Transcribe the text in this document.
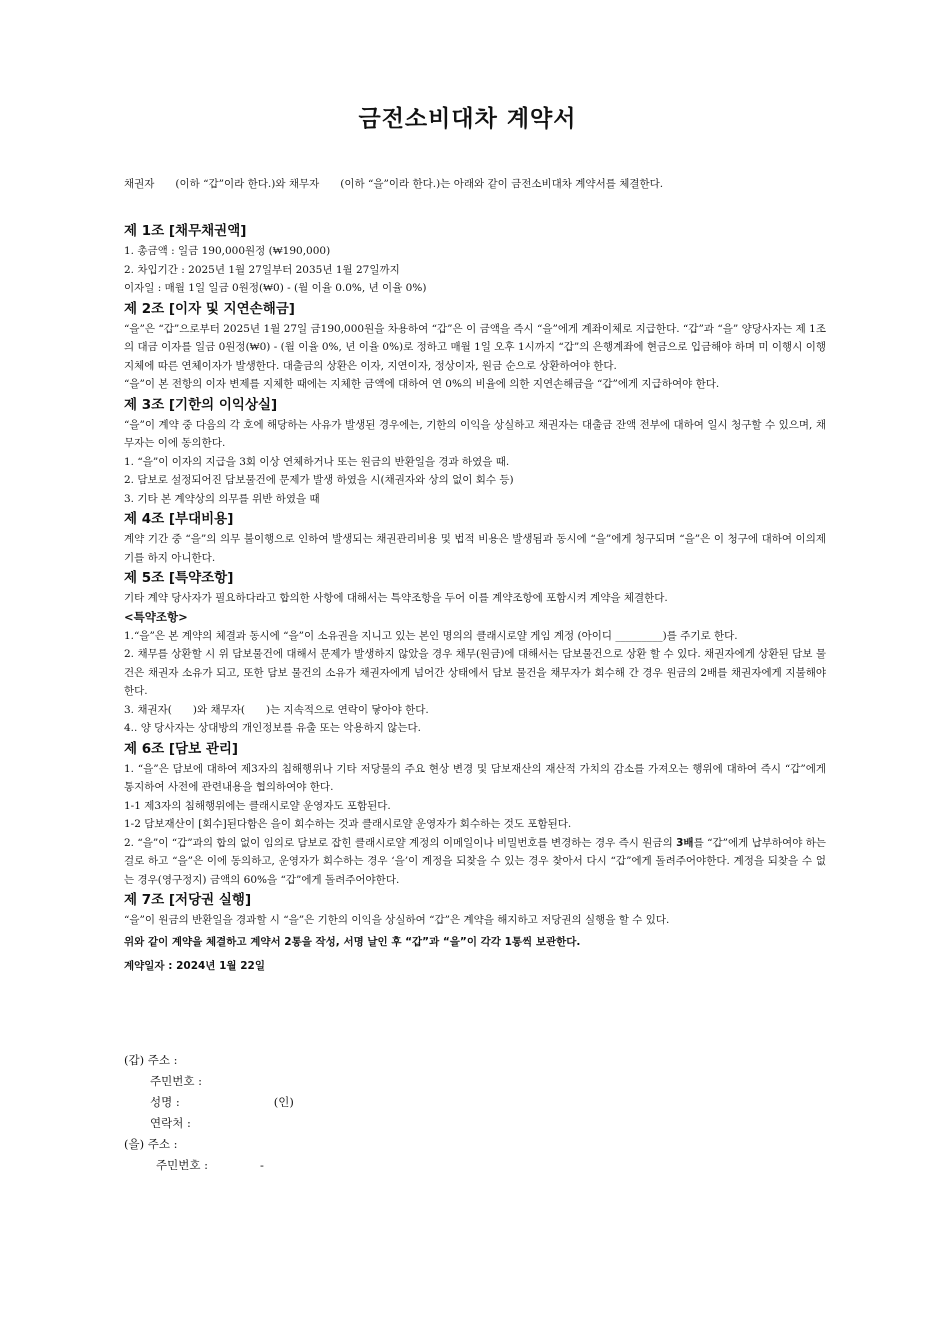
금전소비대차 계약서
채권자　　(이하 “갑”이라 한다.)와 채무자　　(이하 “을”이라 한다.)는 아래와 같이 금전소비대차 계약서를 체결한다.

제 1조 [채무채권액]

1. 총금액 : 일금 190,000원정 (₩190,000)

2. 차입기간 : 2025년 1월 27일부터 2035년 1월 27일까지

이자일 : 매월 1일 일금 0원정(₩0) - (월 이율 0.0%, 년 이율 0%)

제 2조 [이자 및 지연손해금]

“을”은 “갑”으로부터 2025년 1월 27일 금190,000원을 차용하여 “갑”은 이 금액을 즉시 “을”에게 계좌이체로 지급한다. “갑”과 “을” 양당사자는 제 1조의 대금 이자를 일금 0원정(₩0) - (월 이율 0%, 년 이율 0%)로 정하고 매월 1일 오후 1시까지 “갑”의 은행계좌에 현금으로 입금해야 하며 미 이행시 이행지체에 따른 연체이자가 발생한다. 대출금의 상환은 이자, 지연이자, 정상이자, 원금 순으로 상환하여야 한다.

“을”이 본 전항의 이자 변제를 지체한 때에는 지체한 금액에 대하여 연 0%의 비율에 의한 지연손해금을 “갑”에게 지급하여야 한다.

제 3조 [기한의 이익상실]

“을”이 계약 중 다음의 각 호에 해당하는 사유가 발생된 경우에는, 기한의 이익을 상실하고 채권자는 대출금 잔액 전부에 대하여 일시 청구할 수 있으며, 채무자는 이에 동의한다.

1. “을”이 이자의 지급을 3회 이상 연체하거나 또는 원금의 반환일을 경과 하였을 때.

2. 담보로 설정되어진 담보물건에 문제가 발생 하였을 시(채권자와 상의 없이 회수 등)

3. 기타 본 계약상의 의무를 위반 하였을 때

제 4조 [부대비용]

계약 기간 중 “을”의 의무 불이행으로 인하여 발생되는 채권관리비용 및 법적 비용은 발생됨과 동시에 “을”에게 청구되며 “을”은 이 청구에 대하여 이의제기를 하지 아니한다.

제 5조 [특약조항]

기타 계약 당사자가 필요하다라고 합의한 사항에 대해서는 특약조항을 두어 이를 계약조항에 포함시켜 계약을 체결한다.

<특약조항>

1.“을”은 본 계약의 체결과 동시에 “을”이 소유권을 지니고 있는 본인 명의의 클래시로얄 게임 계정 (아이디 _________)를 주기로 한다.

2. 채무를 상환할 시 위 담보물건에 대해서 문제가 발생하지 않았을 경우 채무(원금)에 대해서는 담보물건으로 상환 할 수 있다. 채권자에게 상환된 담보 물건은 채권자 소유가 되고, 또한 담보 물건의 소유가 채권자에게 넘어간 상태에서 담보 물건을 채무자가 회수해 간 경우 원금의 2배를 채권자에게 지불해야한다.

3. 채권자(　　)와 채무자(　　)는 지속적으로 연락이 닿아야 한다.

4.. 양 당사자는 상대방의 개인정보를 유출 또는 악용하지 않는다.

제 6조 [담보 관리]

1. “을”은 담보에 대하여 제3자의 침해행위나 기타 저당물의 주요 현상 변경 및 담보재산의 재산적 가치의 감소를 가져오는 행위에 대하여 즉시 “갑”에게 통지하여 사전에 관련내용을 협의하여야 한다.

1-1 제3자의 침해행위에는 클래시로얄 운영자도 포함된다.

1-2 담보재산이 [회수]된다함은 을이 회수하는 것과 클래시로얄 운영자가 회수하는 것도 포함된다.

2. “을”이 “갑”과의 합의 없이 임의로 담보로 잡힌 클래시로얄 계정의 이메일이나 비밀번호를 변경하는 경우 즉시 원금의 3배를 “갑”에게 납부하여야 하는 걸로 하고 “을”은 이에 동의하고, 운영자가 회수하는 경우 ‘을’이 계정을 되찾을 수 있는 경우 찾아서 다시 “갑”에게 돌려주어야한다. 계정을 되찾을 수 없는 경우(영구정지) 금액의 60%을 “갑”에게 돌려주어야한다.

제 7조 [저당권 실행]

“을”이 원금의 반환일을 경과할 시 “을”은 기한의 이익을 상실하여 “갑”은 계약을 해지하고 저당권의 실행을 할 수 있다.

위와 같이 계약을 체결하고 계약서 2통을 작성, 서명 날인 후 “갑”과 “을”이 각각 1통씩 보관한다.

계약일자 : 2024년 1월 22일

(갑) 주소 :

주민번호 :

성명 :	(인)

연락처 :

(을) 주소 :

주민번호 :	-
